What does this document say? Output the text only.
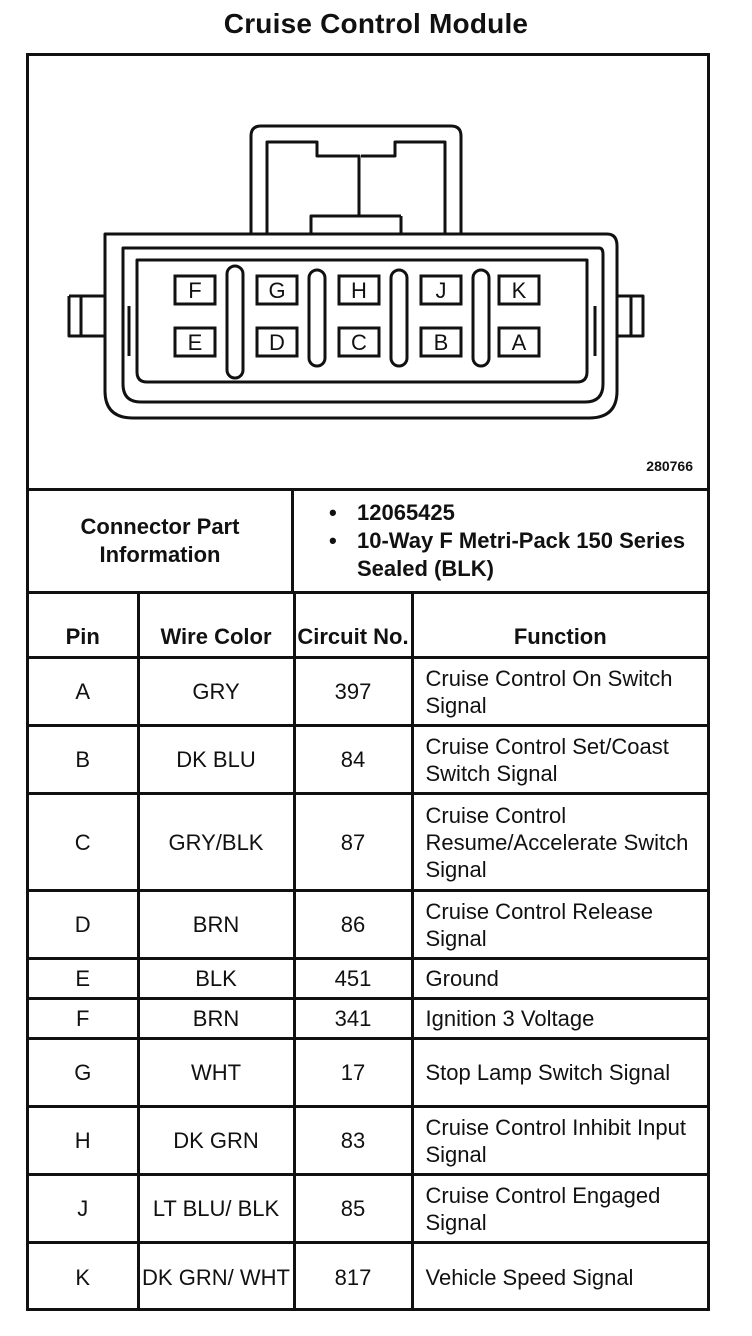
Cruise Control Module
F	G	H	J	K
E	D	C	B	A
280766
Connector Part Information
• 12065425
• 10-Way F Metri-Pack 150 Series Sealed (BLK)
Pin	Wire Color	Circuit No.	Function
A	GRY	397	Cruise Control On Switch Signal
B	DK BLU	84	Cruise Control Set/Coast Switch Signal
C	GRY/BLK	87	Cruise Control Resume/Accelerate Switch Signal
D	BRN	86	Cruise Control Release Signal
E	BLK	451	Ground
F	BRN	341	Ignition 3 Voltage
G	WHT	17	Stop Lamp Switch Signal
H	DK GRN	83	Cruise Control Inhibit Input Signal
J	LT BLU/ BLK	85	Cruise Control Engaged Signal
K	DK GRN/ WHT	817	Vehicle Speed Signal
